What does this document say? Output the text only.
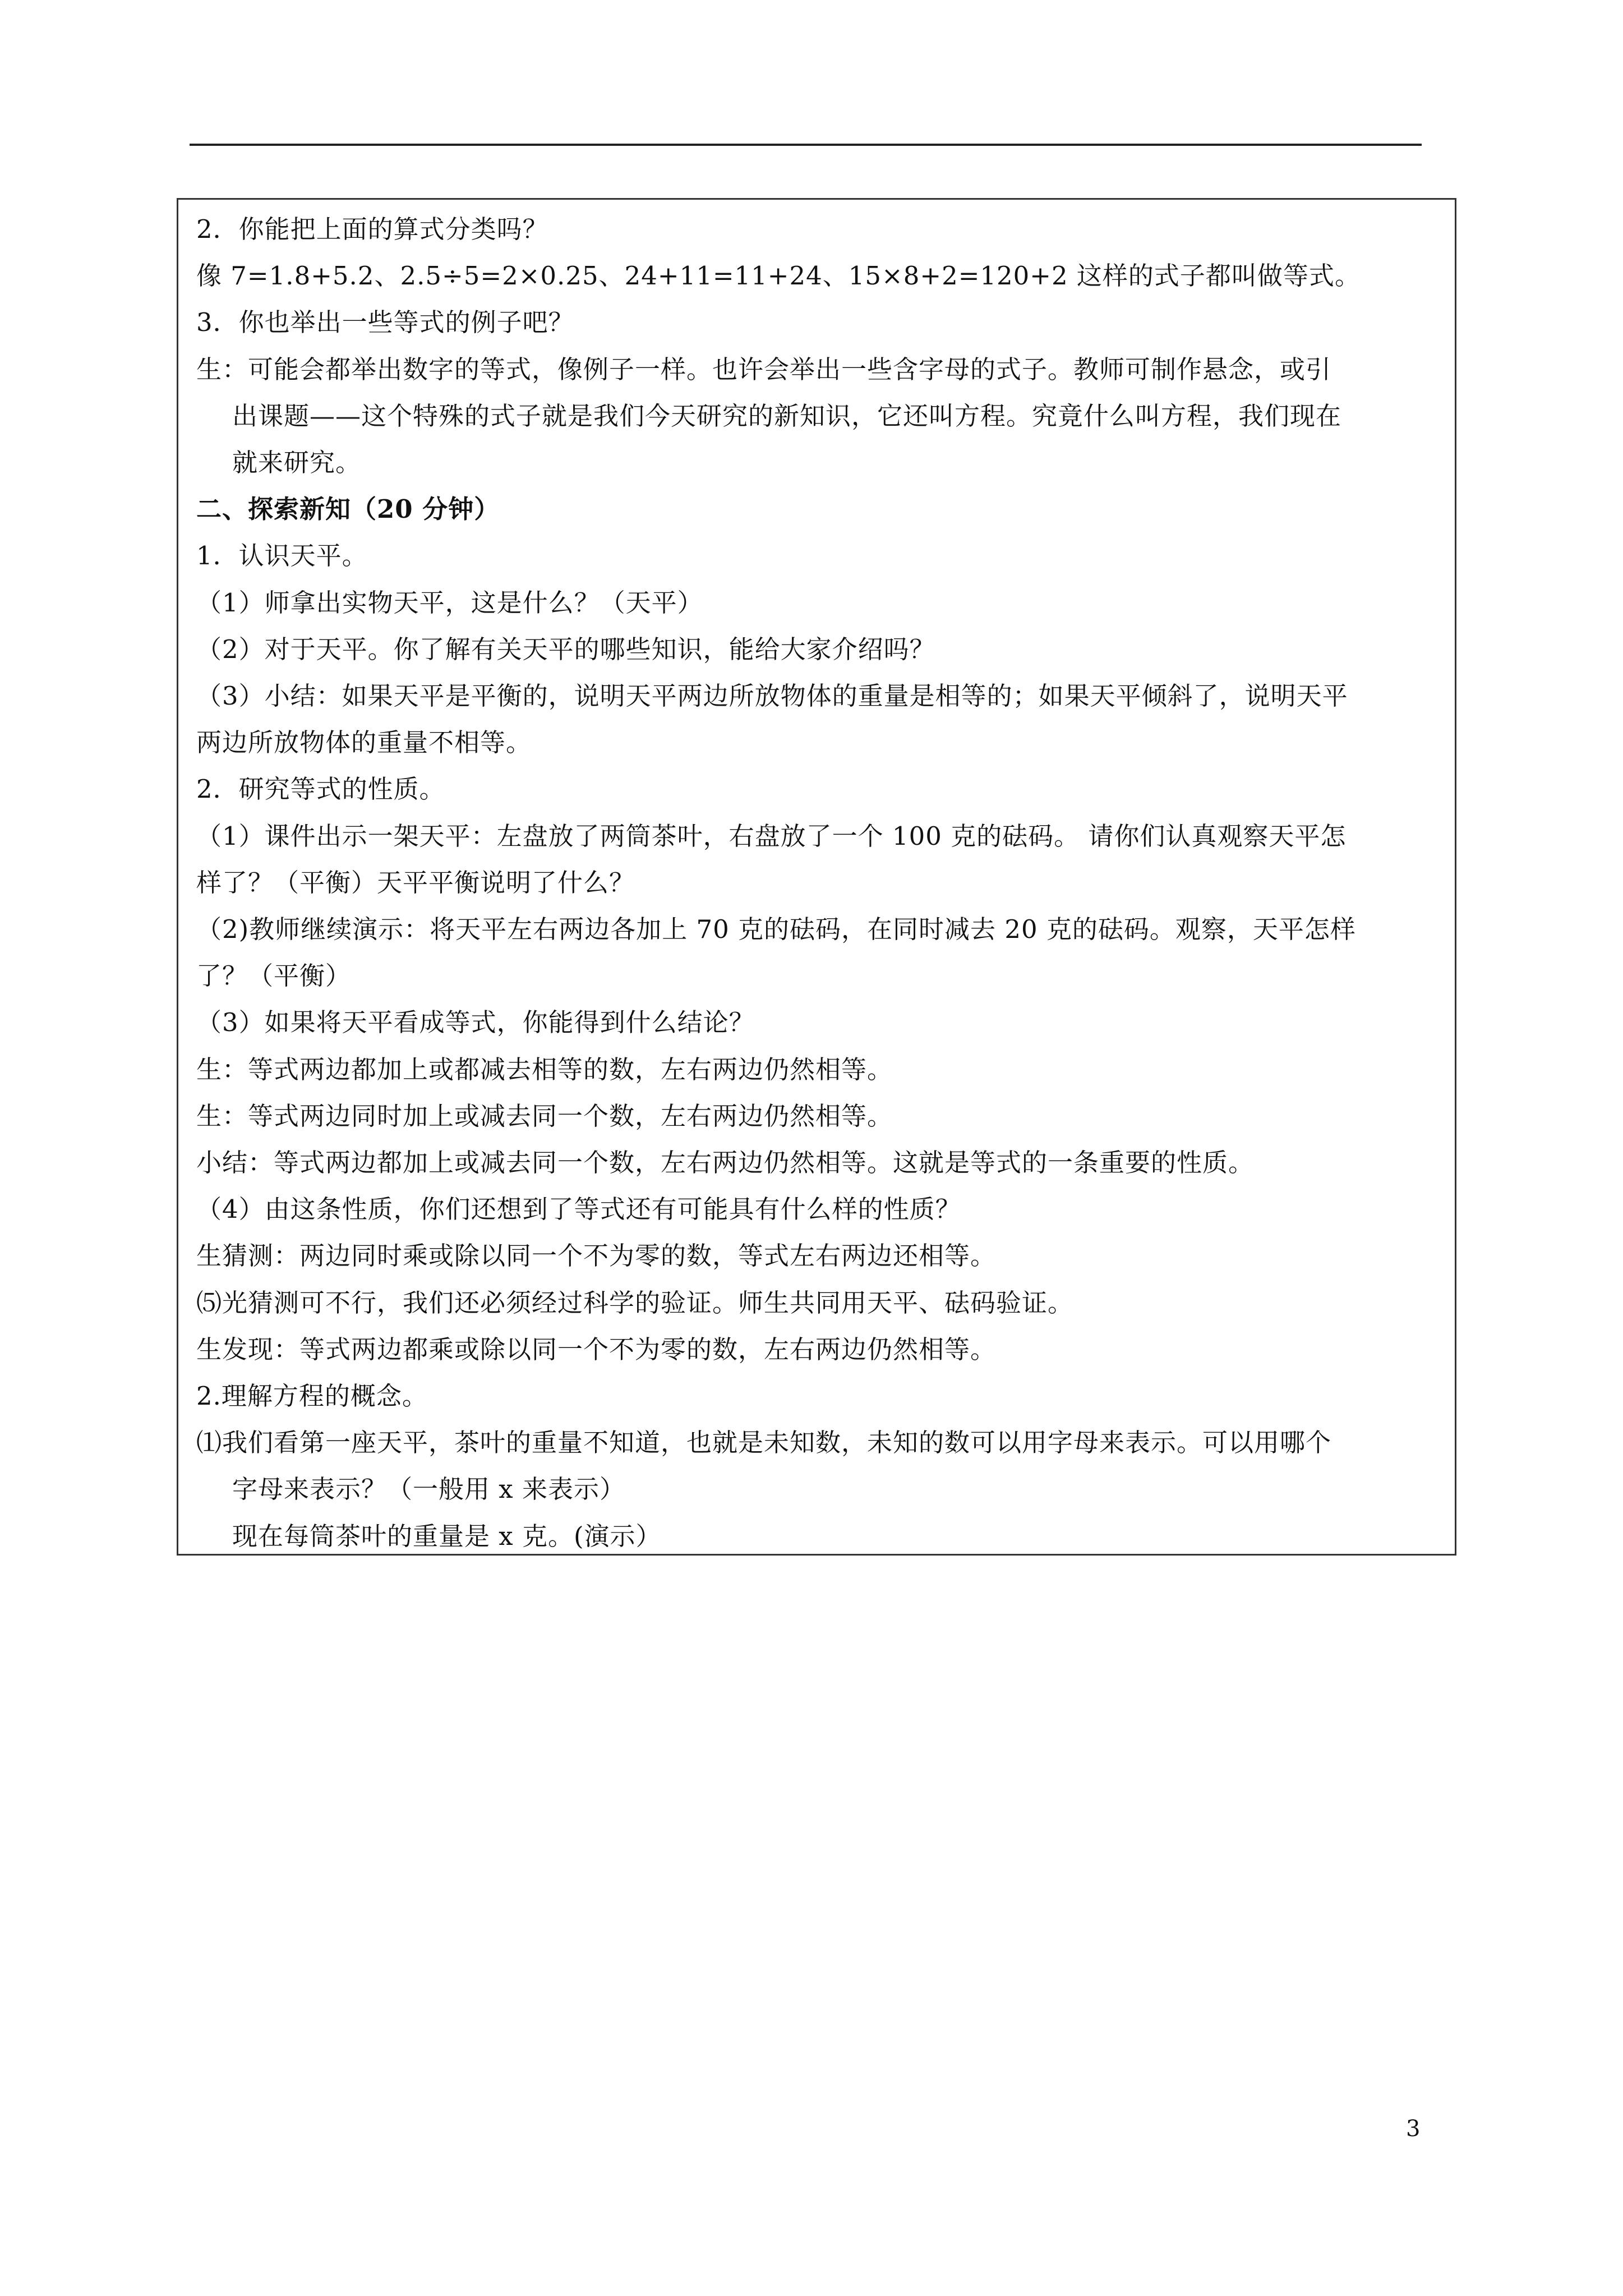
2．你能把上面的算式分类吗？
像 7=1.8+5.2、2.5÷5=2×0.25、24+11=11+24、15×8+2=120+2 这样的式子都叫做等式。
3．你也举出一些等式的例子吧？
生：可能会都举出数字的等式，像例子一样。也许会举出一些含字母的式子。教师可制作悬念，或引
出课题——这个特殊的式子就是我们今天研究的新知识，它还叫方程。究竟什么叫方程，我们现在
就来研究。
二、探索新知（20 分钟）
1．认识天平。
（1）师拿出实物天平，这是什么？（天平）
（2）对于天平。你了解有关天平的哪些知识，能给大家介绍吗？
（3）小结：如果天平是平衡的，说明天平两边所放物体的重量是相等的；如果天平倾斜了，说明天平
两边所放物体的重量不相等。
2．研究等式的性质。
（1）课件出示一架天平：左盘放了两筒茶叶，右盘放了一个 100 克的砝码。 请你们认真观察天平怎
样了？（平衡）天平平衡说明了什么？
（2)教师继续演示：将天平左右两边各加上 70 克的砝码，在同时减去 20 克的砝码。观察，天平怎样
了？（平衡）
（3）如果将天平看成等式，你能得到什么结论？
生：等式两边都加上或都减去相等的数，左右两边仍然相等。
生：等式两边同时加上或减去同一个数，左右两边仍然相等。
小结：等式两边都加上或减去同一个数，左右两边仍然相等。这就是等式的一条重要的性质。
（4）由这条性质，你们还想到了等式还有可能具有什么样的性质？
生猜测：两边同时乘或除以同一个不为零的数，等式左右两边还相等。
⑸光猜测可不行，我们还必须经过科学的验证。师生共同用天平、砝码验证。
生发现：等式两边都乘或除以同一个不为零的数，左右两边仍然相等。
2.理解方程的概念。
⑴我们看第一座天平，茶叶的重量不知道，也就是未知数，未知的数可以用字母来表示。可以用哪个
字母来表示？（一般用 x 来表示）
现在每筒茶叶的重量是 x 克。(演示）
3
